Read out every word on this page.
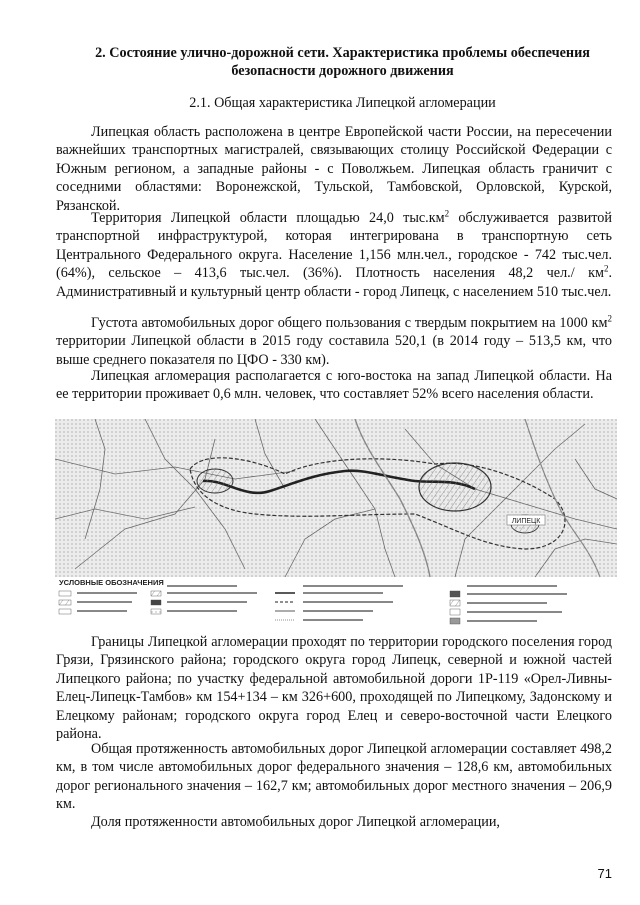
2. Состояние улично-дорожной сети. Характеристика проблемы обеспечения
безопасности дорожного движения
2.1. Общая характеристика Липецкой агломерации

Липецкая область расположена в центре Европейской части России, на пересечении важнейших транспортных магистралей, связывающих столицу Российской Федерации с Южным регионом, а западные районы - с Поволжьем. Липецкая область граничит с соседними областями: Воронежской, Тульской, Тамбовской, Орловской, Курской, Рязанской.

Территория Липецкой области площадью 24,0 $тыс.км^2$ обслуживается развитой транспортной инфраструктурой, которая интегрирована в транспортную сеть Центрального Федерального округа. Население 1,156 млн.чел., городское - 742 тыс.чел. (64%), сельское – 413,6 тыс.чел. (36%). Плотность населения 48,2 чел./ $км^2$. Административный и культурный центр области - город Липецк, с населением 510 тыс.чел.

Густота автомобильных дорог общего пользования с твердым покрытием на 1000 $км^2$ территории Липецкой области в 2015 году составила 520,1 (в 2014 году – 513,5 км, что выше среднего показателя по ЦФО - 330 км).

Липецкая агломерация располагается с юго-востока на запад Липецкой области. На ее территории проживает 0,6 млн. человек, что составляет 52% всего населения области.

ЛИПЕЦК
УСЛОВНЫЕ ОБОЗНАЧЕНИЯ

Границы Липецкой агломерации проходят по территории городского поселения город Грязи, Грязинского района; городского округа город Липецк, северной и южной частей Липецкого района; по участку федеральной автомобильной дороги 1Р-119 «Орел-Ливны-Елец-Липецк-Тамбов» км 154+134 – км 326+600, проходящей по Липецкому, Задонскому и Елецкому районам; городского округа город Елец и северо-восточной части Елецкого района.

Общая протяженность автомобильных дорог Липецкой агломерации составляет 498,2 км, в том числе автомобильных дорог федерального значения – 128,6 км, автомобильных дорог регионального значения – 162,7 км; автомобильных дорог местного значения – 206,9 км.

Доля протяженности автомобильных дорог Липецкой агломерации,

71
